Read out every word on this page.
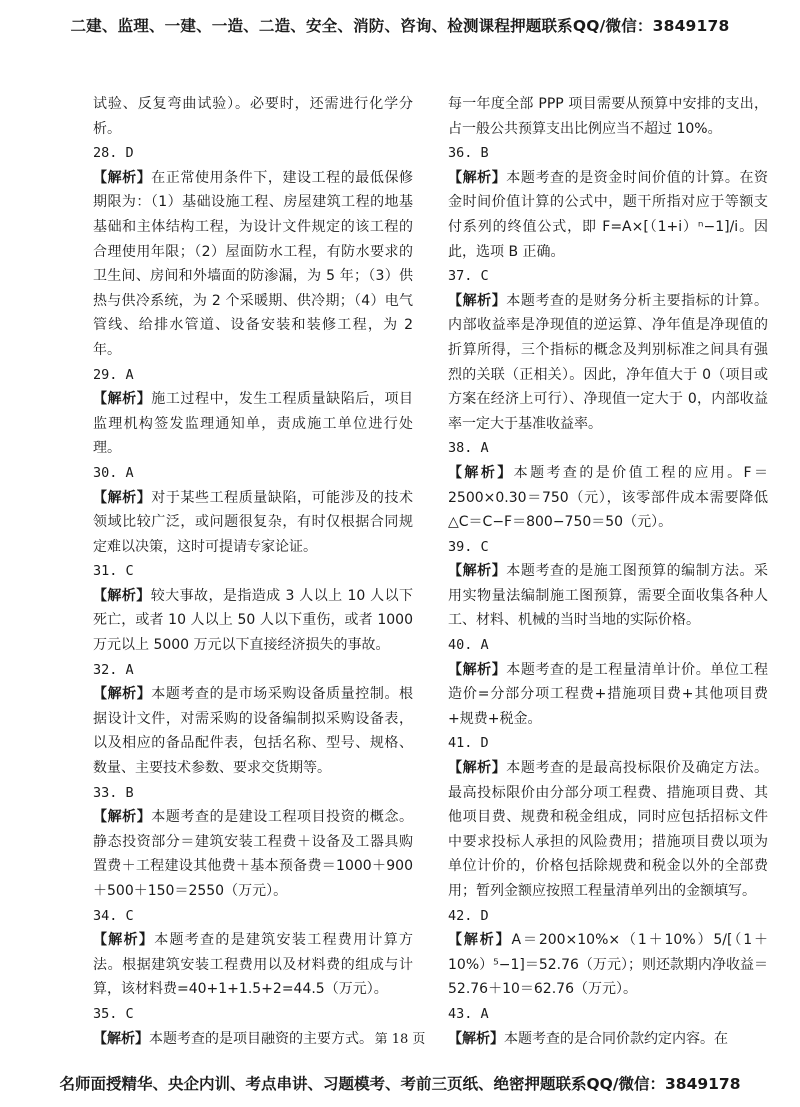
二建、监理、一建、一造、二造、安全、消防、咨询、检测课程押题联系QQ/微信：3849178

试验、反复弯曲试验）。必要时，还需进行化学分析。

28. D

【解析】在正常使用条件下，建设工程的最低保修期限为：（1）基础设施工程、房屋建筑工程的地基基础和主体结构工程，为设计文件规定的该工程的合理使用年限；（2）屋面防水工程，有防水要求的卫生间、房间和外墙面的防渗漏，为 5 年；（3）供热与供冷系统，为 2 个采暖期、供冷期；（4）电气管线、给排水管道、设备安装和装修工程，为 2 年。

29. A

【解析】施工过程中，发生工程质量缺陷后，项目监理机构签发监理通知单，责成施工单位进行处理。

30. A

【解析】对于某些工程质量缺陷，可能涉及的技术领域比较广泛，或问题很复杂，有时仅根据合同规定难以决策，这时可提请专家论证。

31. C

【解析】较大事故，是指造成 3 人以上 10 人以下死亡，或者 10 人以上 50 人以下重伤，或者 1000 万元以上 5000 万元以下直接经济损失的事故。

32. A

【解析】本题考查的是市场采购设备质量控制。根据设计文件，对需采购的设备编制拟采购设备表，以及相应的备品配件表，包括名称、型号、规格、数量、主要技术参数、要求交货期等。

33. B

【解析】本题考查的是建设工程项目投资的概念。静态投资部分＝建筑安装工程费＋设备及工器具购置费＋工程建设其他费＋基本预备费＝1000＋900＋500＋150＝2550（万元）。

34. C

【解析】本题考查的是建筑安装工程费用计算方法。根据建筑安装工程费用以及材料费的组成与计算，该材料费=40+1+1.5+2=44.5（万元）。

35. C

【解析】本题考查的是项目融资的主要方式。

每一年度全部 PPP 项目需要从预算中安排的支出，占一般公共预算支出比例应当不超过 10%。

36. B

【解析】本题考查的是资金时间价值的计算。在资金时间价值计算的公式中，题干所指对应于等额支付系列的终值公式，即 F=A×[（1+i）ⁿ−1]/i。因此，选项 B 正确。

37. C

【解析】本题考查的是财务分析主要指标的计算。内部收益率是净现值的逆运算、净年值是净现值的折算所得，三个指标的概念及判别标准之间具有强烈的关联（正相关）。因此，净年值大于 0（项目或方案在经济上可行）、净现值一定大于 0，内部收益率一定大于基准收益率。

38. A

【解析】本题考查的是价值工程的应用。F＝2500×0.30＝750（元），该零部件成本需要降低△C＝C−F＝800−750＝50（元）。

39. C

【解析】本题考查的是施工图预算的编制方法。采用实物量法编制施工图预算，需要全面收集各种人工、材料、机械的当时当地的实际价格。

40. A

【解析】本题考查的是工程量清单计价。单位工程造价=分部分项工程费+措施项目费+其他项目费+规费+税金。

41. D

【解析】本题考查的是最高投标限价及确定方法。最高投标限价由分部分项工程费、措施项目费、其他项目费、规费和税金组成，同时应包括招标文件中要求投标人承担的风险费用；措施项目费以项为单位计价的，价格包括除规费和税金以外的全部费用；暂列金额应按照工程量清单列出的金额填写。

42. D

【解析】A＝200×10%×（1＋10%）5/[（1＋10%）⁵−1]＝52.76（万元）；则还款期内净收益＝52.76＋10＝62.76（万元）。

43. A

【解析】本题考查的是合同价款约定内容。在

第 18 页
名师面授精华、央企内训、考点串讲、习题模考、考前三页纸、绝密押题联系QQ/微信：3849178
